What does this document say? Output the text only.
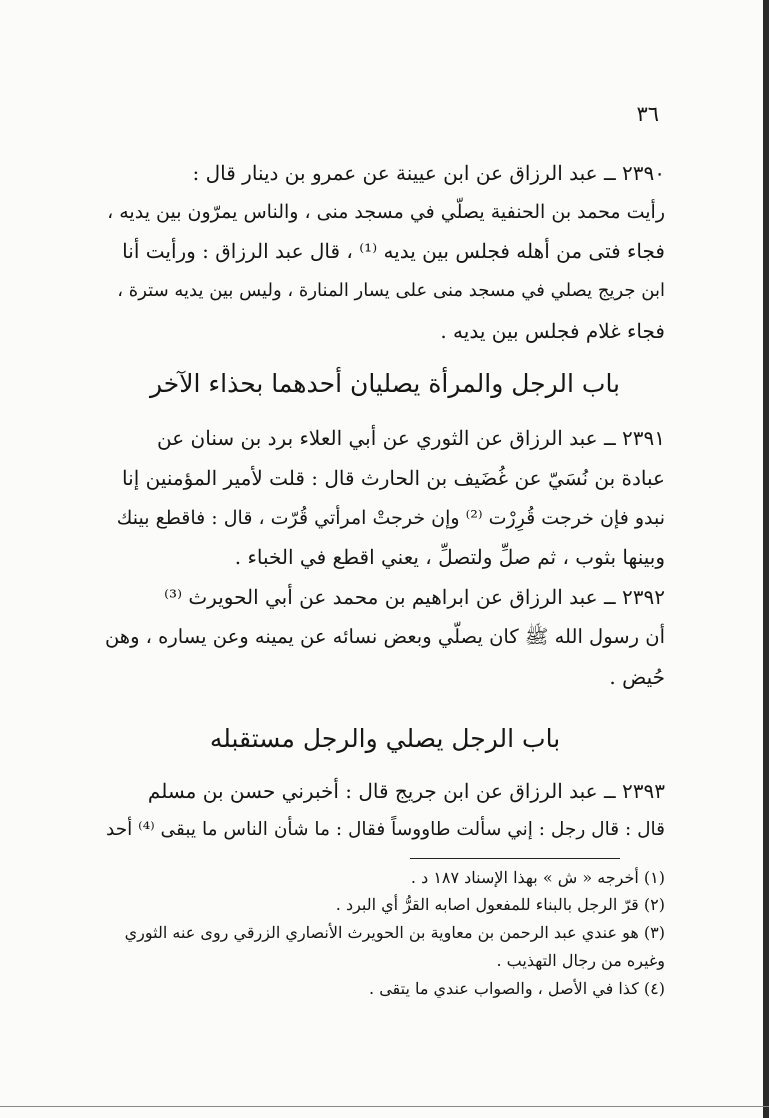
٣٦
٢٣٩٠ ــ عبد الرزاق عن ابن عيينة عن عمرو بن دينار قال :
رأيت محمد بن الحنفية يصلّي في مسجد منى ، والناس يمرّون بين يديه ،
فجاء فتى من أهله فجلس بين يديه ⁽¹⁾ ، قال عبد الرزاق : ورأيت أنا
ابن جريج يصلي في مسجد منى على يسار المنارة ، وليس بين يديه سترة ،
فجاء غلام فجلس بين يديه .
باب الرجل والمرأة يصليان أحدهما بحذاء الآخر
٢٣٩١ ــ عبد الرزاق عن الثوري عن أبي العلاء برد بن سنان عن
عبادة بن نُسَيّ عن غُضَيف بن الحارث قال : قلت لأمير المؤمنين إنا
نبدو فإن خرجت قُرِرْت ⁽²⁾ وإن خرجتْ امرأتي قُرّت ، قال : فاقطع بينك
وبينها بثوب ، ثم صلِّ ولتصلِّ ، يعني اقطع في الخباء .
٢٣٩٢ ــ عبد الرزاق عن ابراهيم بن محمد عن أبي الحويرث ⁽³⁾
أن رسول الله ﷺ كان يصلّي وبعض نسائه عن يمينه وعن يساره ، وهن
حُيض .
باب الرجل يصلي والرجل مستقبله
٢٣٩٣ ــ عبد الرزاق عن ابن جريج قال : أخبرني حسن بن مسلم
قال : قال رجل : إني سألت طاووساً فقال : ما شأن الناس ما يبقى ⁽⁴⁾ أحد
(١) أخرجه « ش » بهذا الإسناد ١٨٧ د .
(٢) قرّ الرجل بالبناء للمفعول اصابه القرُّ أي البرد .
(٣) هو عندي عبد الرحمن بن معاوية بن الحويرث الأنصاري الزرقي روى عنه الثوري
وغيره من رجال التهذيب .
(٤) كذا في الأصل ، والصواب عندي ما يتقى .
